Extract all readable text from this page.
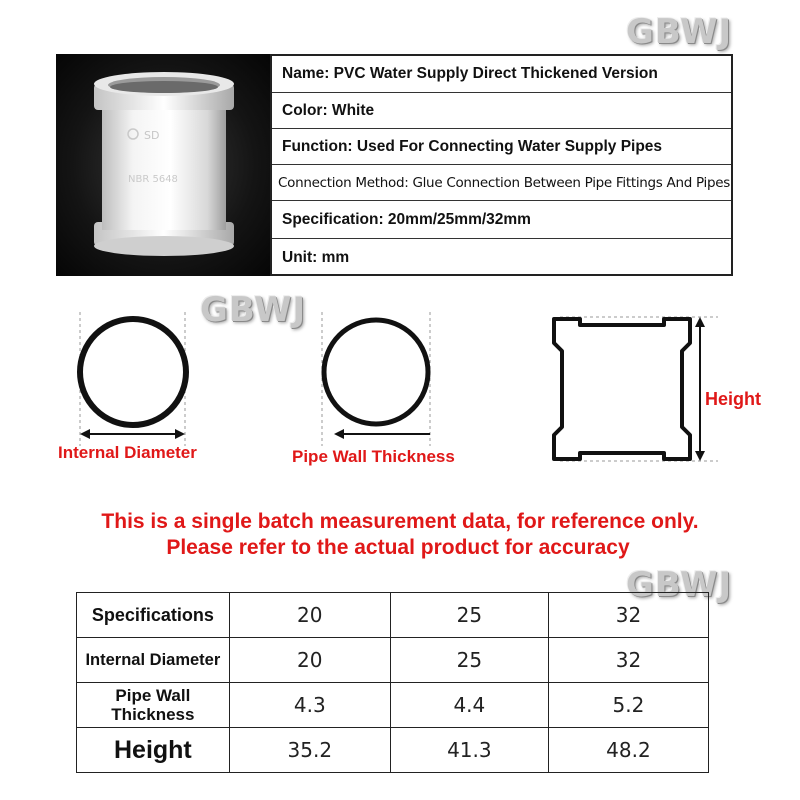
GBWJ
GBWJ
GBWJ
SD
NBR 5648
Name: PVC Water Supply Direct Thickened Version
Color: White
Function: Used For Connecting Water Supply Pipes
Connection Method: Glue Connection Between Pipe Fittings And Pipes
Specification: 20mm/25mm/32mm
Unit: mm
Internal Diameter	Pipe Wall Thickness
Height
This is a single batch measurement data, for reference only.
Please refer to the actual product for accuracy
Specifications	20	25	32
Internal Diameter	20	25	32

Pipe Wall
Thickness	4.3	4.4	5.2
Height	35.2	41.3	48.2
